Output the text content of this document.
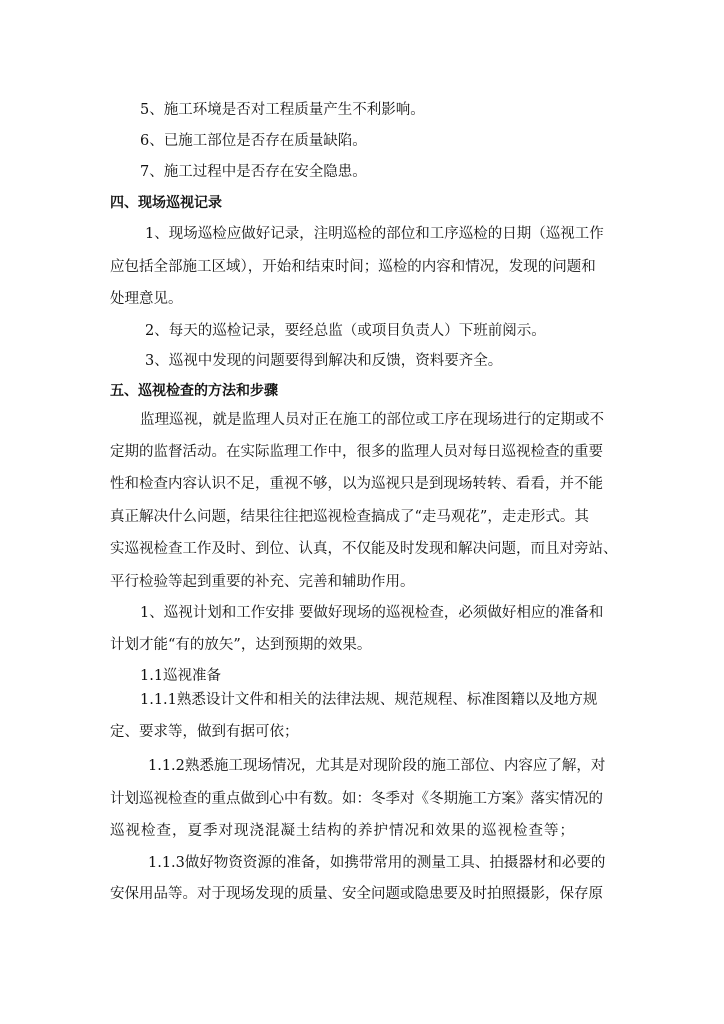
5、施工环境是否对工程质量产生不利影响。
6、已施工部位是否存在质量缺陷。
7、施工过程中是否存在安全隐患。
四、现场巡视记录
1、现场巡检应做好记录，注明巡检的部位和工序巡检的日期（巡视工作
应包括全部施工区域），开始和结束时间；巡检的内容和情况，发现的问题和
处理意见。
2、每天的巡检记录，要经总监（或项目负责人）下班前阅示。
3、巡视中发现的问题要得到解决和反馈，资料要齐全。
五、巡视检查的方法和步骤
监理巡视，就是监理人员对正在施工的部位或工序在现场进行的定期或不
定期的监督活动。在实际监理工作中，很多的监理人员对每日巡视检查的重要
性和检查内容认识不足，重视不够，以为巡视只是到现场转转、看看，并不能
真正解决什么问题，结果往往把巡视检查搞成了“走马观花”，走走形式。其
实巡视检查工作及时、到位、认真，不仅能及时发现和解决问题，而且对旁站、
平行检验等起到重要的补充、完善和辅助作用。
1、巡视计划和工作安排 要做好现场的巡视检查，必须做好相应的准备和
计划才能“有的放矢”，达到预期的效果。
1.1巡视准备
1.1.1熟悉设计文件和相关的法律法规、规范规程、标准图籍以及地方规
定、要求等，做到有据可依；
1.1.2熟悉施工现场情况，尤其是对现阶段的施工部位、内容应了解，对
计划巡视检查的重点做到心中有数。如：冬季对《冬期施工方案》落实情况的
巡视检查，夏季对现浇混凝土结构的养护情况和效果的巡视检查等；
1.1.3做好物资资源的准备，如携带常用的测量工具、拍摄器材和必要的
安保用品等。对于现场发现的质量、安全问题或隐患要及时拍照摄影，保存原
